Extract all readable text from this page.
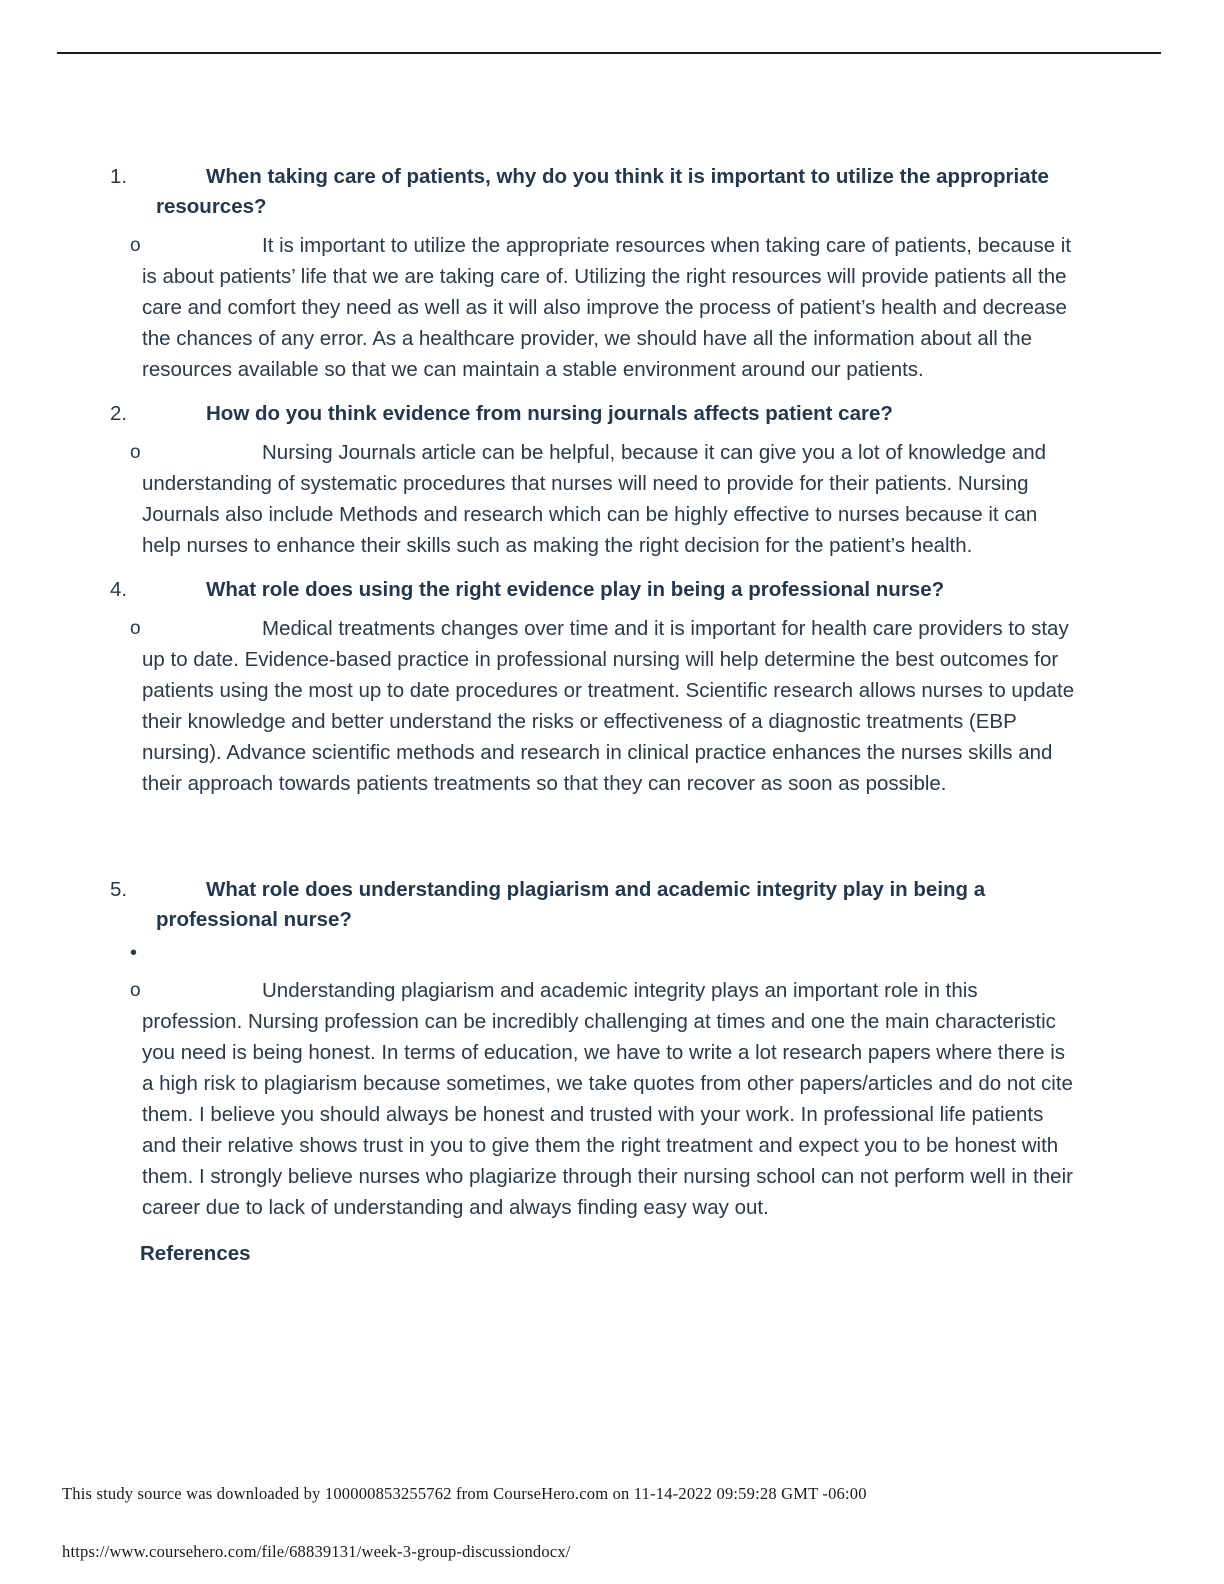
1.	When taking care of patients, why do you think it is important to utilize the appropriate resources?
o	It is important to utilize the appropriate resources when taking care of patients, because it is about patients’ life that we are taking care of. Utilizing the right resources will provide patients all the care and comfort they need as well as it will also improve the process of patient’s health and decrease the chances of any error. As a healthcare provider, we should have all the information about all the resources available so that we can maintain a stable environment around our patients.
2.	How do you think evidence from nursing journals affects patient care?
o	Nursing Journals article can be helpful, because it can give you a lot of knowledge and understanding of systematic procedures that nurses will need to provide for their patients. Nursing Journals also include Methods and research which can be highly effective to nurses because it can help nurses to enhance their skills such as making the right decision for the patient’s health.
4.	What role does using the right evidence play in being a professional nurse?
o	Medical treatments changes over time and it is important for health care providers to stay up to date. Evidence-based practice in professional nursing will help determine the best outcomes for patients using the most up to date procedures or treatment. Scientific research allows nurses to update their knowledge and better understand the risks or effectiveness of a diagnostic treatments (EBP nursing). Advance scientific methods and research in clinical practice enhances the nurses skills and their approach towards patients treatments so that they can recover as soon as possible.
5.	What role does understanding plagiarism and academic integrity play in being a professional nurse?
•
o	Understanding plagiarism and academic integrity plays an important role in this profession. Nursing profession can be incredibly challenging at times and one the main characteristic you need is being honest. In terms of education, we have to write a lot research papers where there is a high risk to plagiarism because sometimes, we take quotes from other papers/articles and do not cite them. I believe you should always be honest and trusted with your work. In professional life patients and their relative shows trust in you to give them the right treatment and expect you to be honest with them. I strongly believe nurses who plagiarize through their nursing school can not perform well in their career due to lack of understanding and always finding easy way out.
References
This study source was downloaded by 100000853255762 from CourseHero.com on 11-14-2022 09:59:28 GMT -06:00
https://www.coursehero.com/file/68839131/week-3-group-discussiondocx/
